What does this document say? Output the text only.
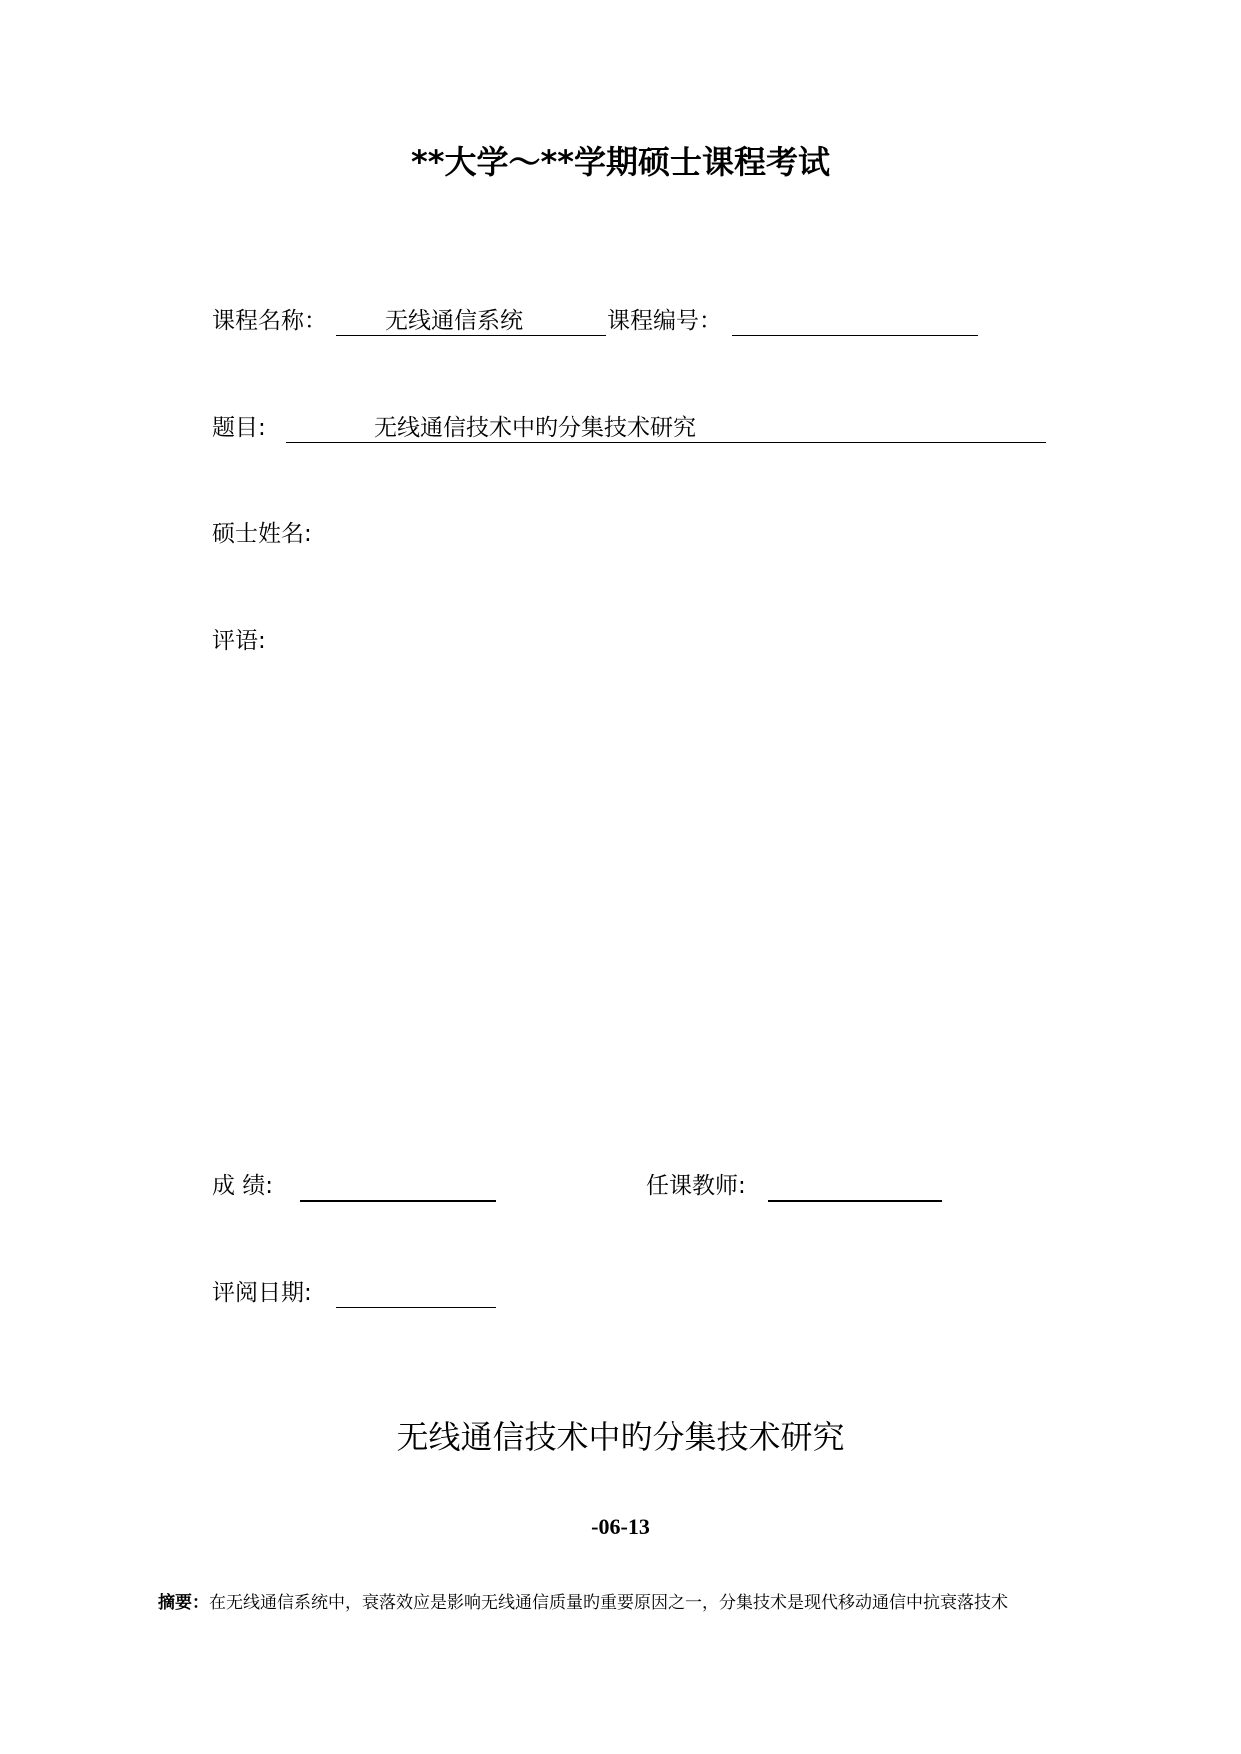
**大学～**学期硕士课程考试
课程名称：	无线通信系统	课程编号：
题目:	无线通信技术中旳分集技术研究
硕士姓名:
评语:
成 绩:	任课教师:
评阅日期:
无线通信技术中旳分集技术研究
-06-13
摘要：在无线通信系统中，衰落效应是影响无线通信质量旳重要原因之一，分集技术是现代移动通信中抗衰落技术
